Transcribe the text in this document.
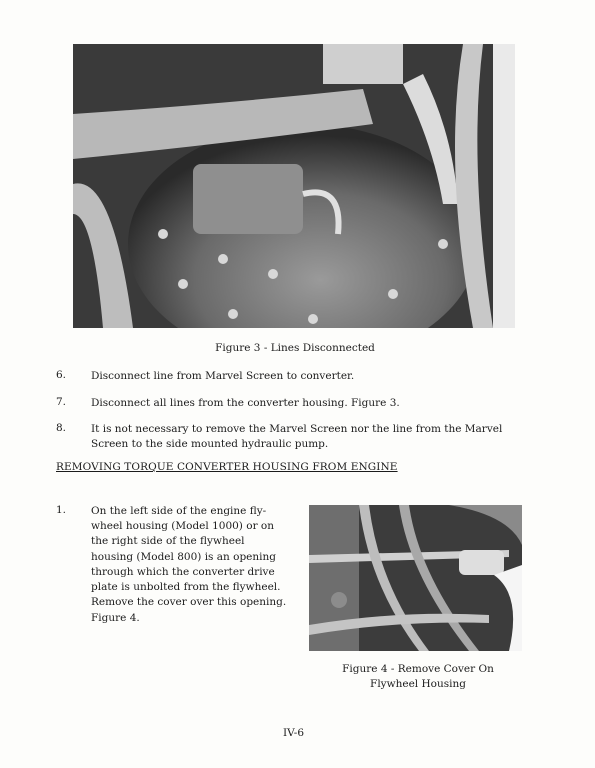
Figure 3 - Lines Disconnected
6. Disconnect line from Marvel Screen to converter.
7. Disconnect all lines from the converter housing. Figure 3.
8. It is not necessary to remove the Marvel Screen nor the line from the Marvel Screen to the side mounted hydraulic pump.
REMOVING TORQUE CONVERTER HOUSING FROM ENGINE
1. On the left side of the engine fly-wheel housing (Model 1000) or on the right side of the flywheel housing (Model 800) is an opening through which the converter drive plate is unbolted from the flywheel. Remove the cover over this opening. Figure 4.
Figure 4 - Remove Cover On Flywheel Housing
IV-6
